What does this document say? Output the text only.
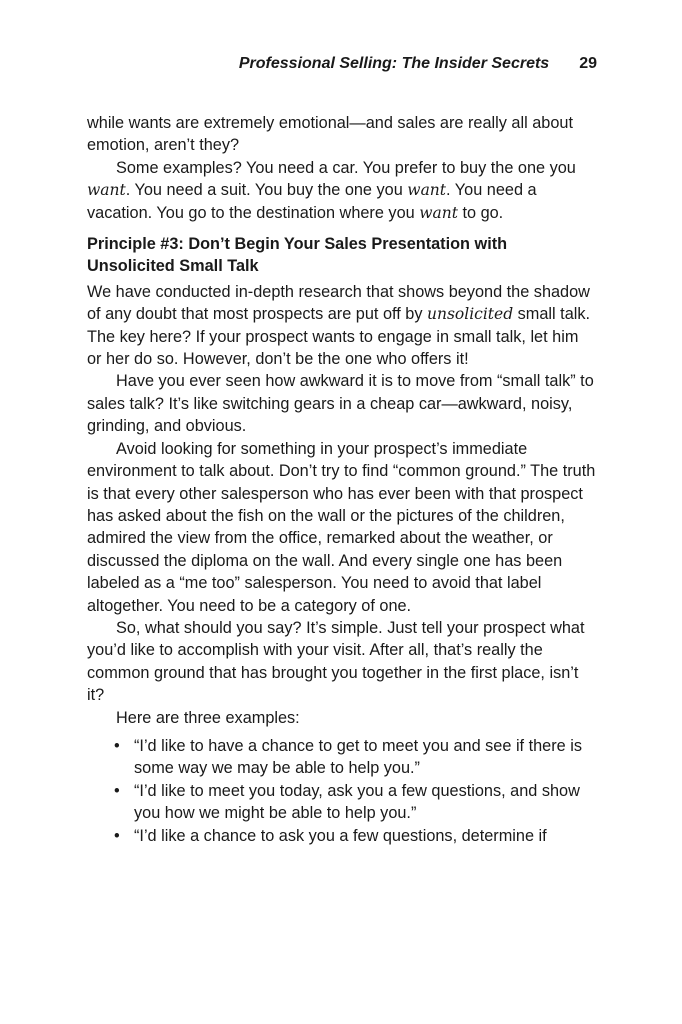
Professional Selling: The Insider Secrets 29

while wants are extremely emotional—and sales are really all about emotion, aren’t they?

Some examples? You need a car. You prefer to buy the one you want. You need a suit. You buy the one you want. You need a vacation. You go to the destination where you want to go.

Principle #3: Don’t Begin Your Sales Presentation with Unsolicited Small Talk

We have conducted in-depth research that shows beyond the shadow of any doubt that most prospects are put off by unsolicited small talk. The key here? If your prospect wants to engage in small talk, let him or her do so. However, don’t be the one who offers it!

Have you ever seen how awkward it is to move from “small talk” to sales talk? It’s like switching gears in a cheap car—awkward, noisy, grinding, and obvious.

Avoid looking for something in your prospect’s immediate environment to talk about. Don’t try to find “common ground.” The truth is that every other salesperson who has ever been with that prospect has asked about the fish on the wall or the pictures of the children, admired the view from the office, remarked about the weather, or discussed the diploma on the wall. And every single one has been labeled as a “me too” salesperson. You need to avoid that label altogether. You need to be a category of one.

So, what should you say? It’s simple. Just tell your prospect what you’d like to accomplish with your visit. After all, that’s really the common ground that has brought you together in the first place, isn’t it?

Here are three examples:

• “I’d like to have a chance to get to meet you and see if there is some way we may be able to help you.”
• “I’d like to meet you today, ask you a few questions, and show you how we might be able to help you.”
• “I’d like a chance to ask you a few questions, determine if
